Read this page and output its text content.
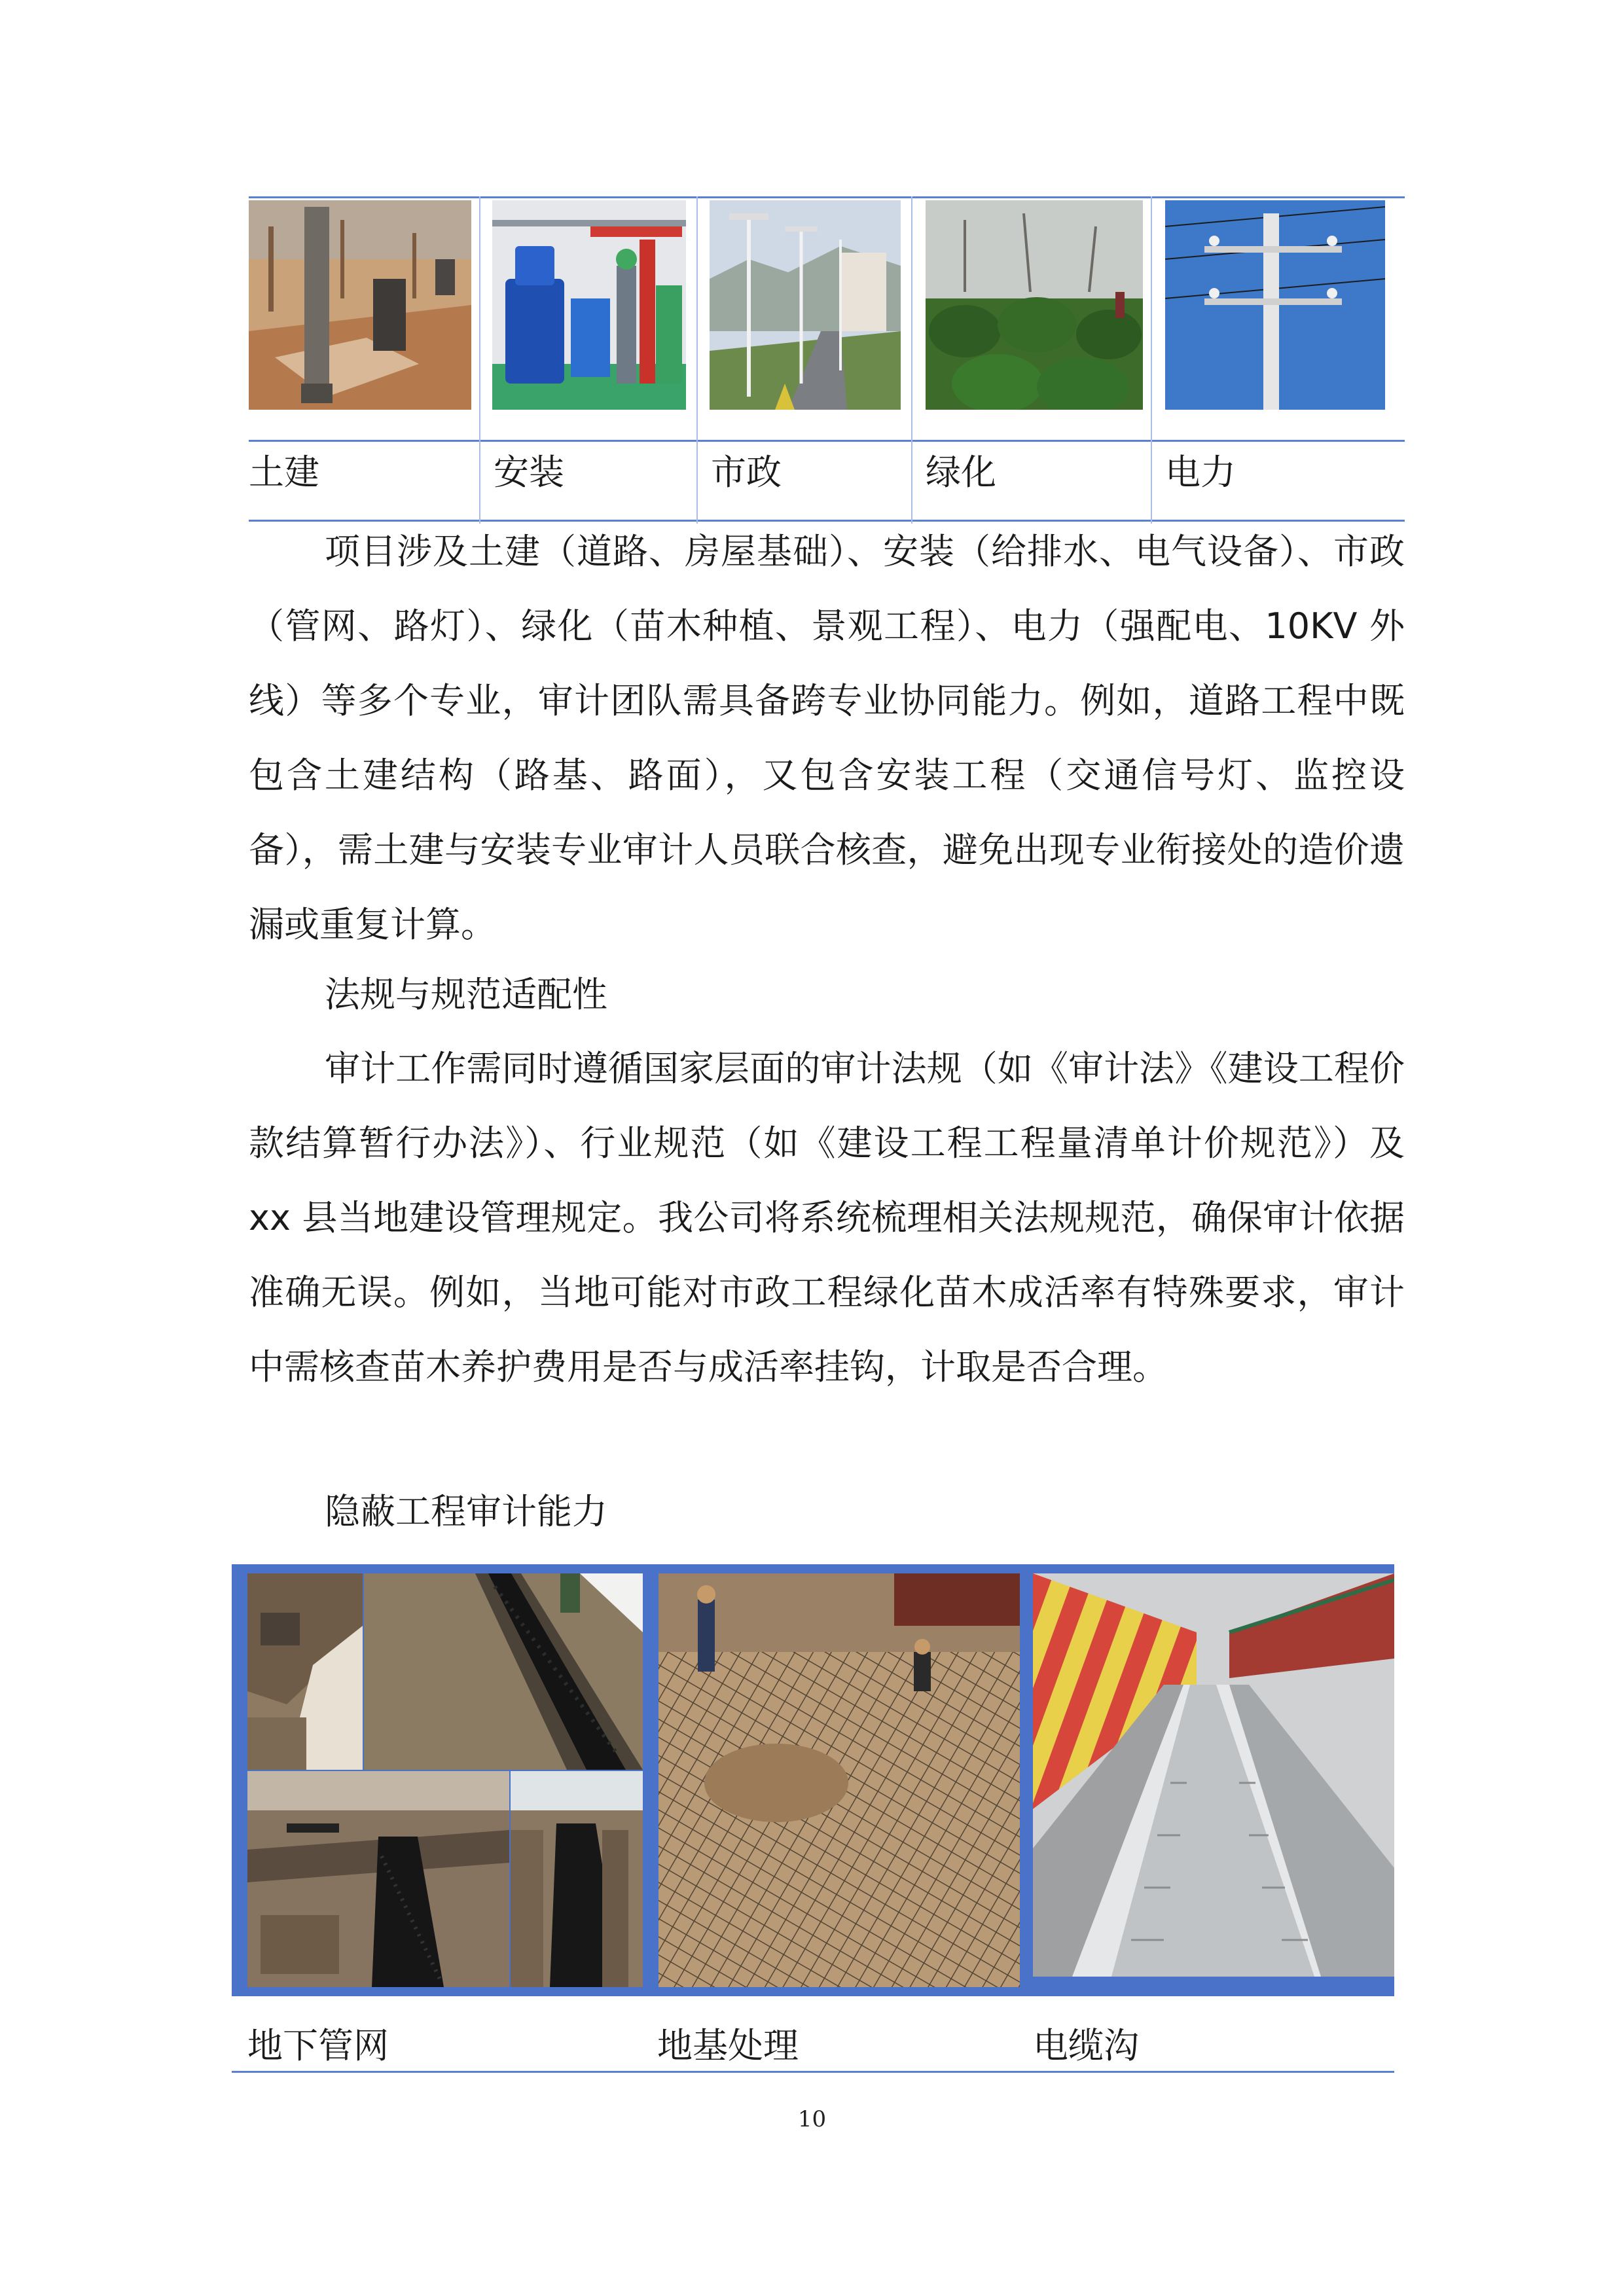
土建	安装	市政	绿化	电力

项目涉及土建（道路、房屋基础）、安装（给排水、电气设备）、市政（管网、路灯）、绿化（苗木种植、景观工程）、电力（强配电、10KV 外线）等多个专业，审计团队需具备跨专业协同能力。例如，道路工程中既包含土建结构（路基、路面），又包含安装工程（交通信号灯、监控设备），需土建与安装专业审计人员联合核查，避免出现专业衔接处的造价遗漏或重复计算。

法规与规范适配性

审计工作需同时遵循国家层面的审计法规（如《审计法》《建设工程价款结算暂行办法》）、行业规范（如《建设工程工程量清单计价规范》）及 xx 县当地建设管理规定。我公司将系统梳理相关法规规范，确保审计依据准确无误。例如，当地可能对市政工程绿化苗木成活率有特殊要求，审计中需核查苗木养护费用是否与成活率挂钩，计取是否合理。

隐蔽工程审计能力
地下管网	地基处理	电缆沟
10
